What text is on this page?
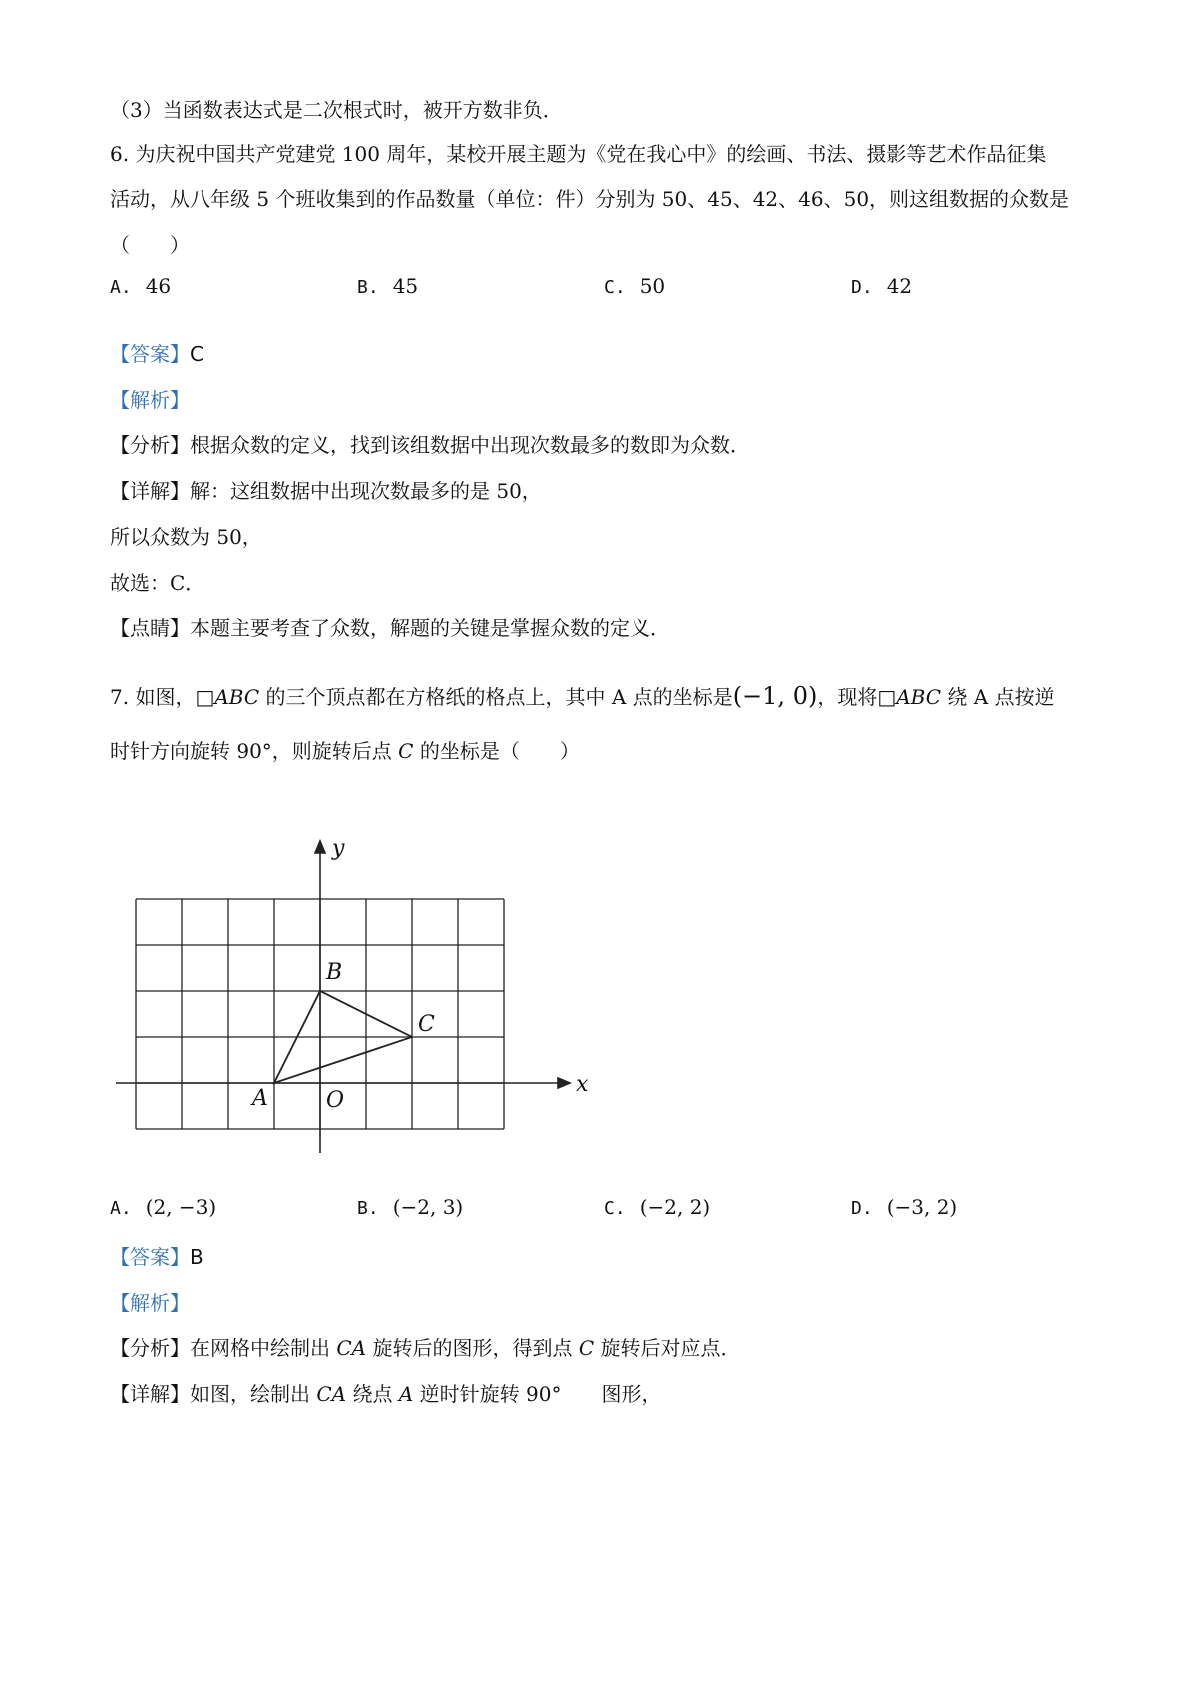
（3）当函数表达式是二次根式时，被开方数非负．
6. 为庆祝中国共产党建党 100 周年，某校开展主题为《党在我心中》的绘画、书法、摄影等艺术作品征集
活动，从八年级 5 个班收集到的作品数量（单位：件）分别为 50、45、42、46、50，则这组数据的众数是
（　　）
A. 46	B. 45	C. 50	D. 42
【答案】C
【解析】
【分析】根据众数的定义，找到该组数据中出现次数最多的数即为众数．
【详解】解：这组数据中出现次数最多的是 50，
所以众数为 50，
故选：C．
【点睛】本题主要考查了众数，解题的关键是掌握众数的定义．
7. 如图，□ABC 的三个顶点都在方格纸的格点上，其中 A 点的坐标是(−1, 0)，现将□ABC 绕 A 点按逆
时针方向旋转 90°，则旋转后点 C 的坐标是（　　）
A
B
C
O
x
y
A. (2, −3)	B. (−2, 3)	C. (−2, 2)	D. (−3, 2)
【答案】B
【解析】
【分析】在网格中绘制出 CA 旋转后的图形，得到点 C 旋转后对应点．
【详解】如图，绘制出 CA 绕点 A 逆时针旋转 90°　　图形，
